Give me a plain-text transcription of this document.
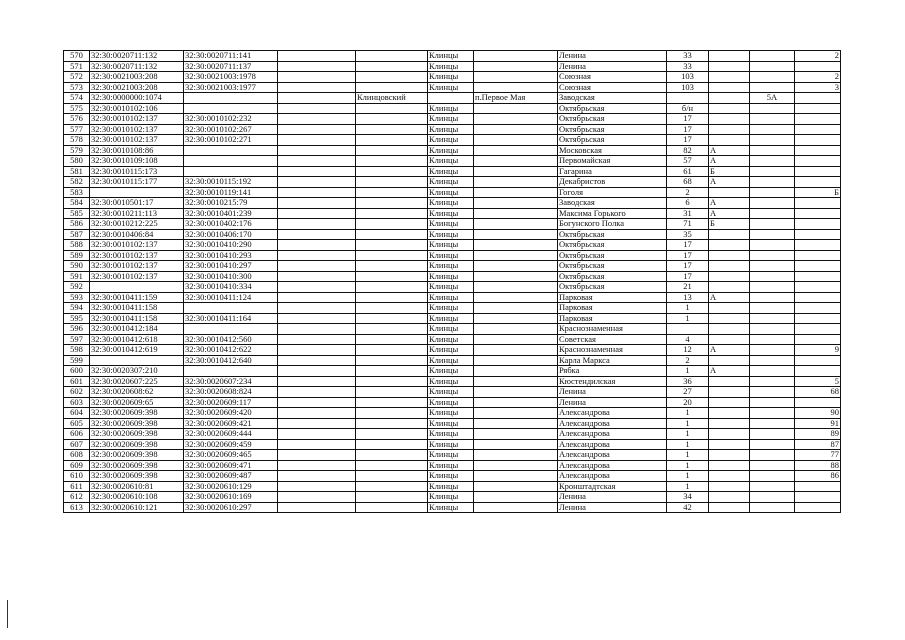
570	32:30:0020711:132	32:30:0020711:141			Клинцы		Ленина	33			2
571	32:30:0020711:132	32:30:0020711:137			Клинцы		Ленина	33			
572	32:30:0021003:208	32:30:0021003:1978			Клинцы		Союзная	103			2
573	32:30:0021003:208	32:30:0021003:1977			Клинцы		Союзная	103			3
574	32:30:0000000:1074			Клинцовский		п.Первое Мая	Заводская			5А	
575	32:30:0010102:106				Клинцы		Октябрьская	б/н			
576	32:30:0010102:137	32:30:0010102:232			Клинцы		Октябрьская	17			
577	32:30:0010102:137	32:30:0010102:267			Клинцы		Октябрьская	17			
578	32:30:0010102:137	32:30:0010102:271			Клинцы		Октябрьская	17			
579	32:30:0010108:86				Клинцы		Московская	82	А		
580	32:30:0010109:108				Клинцы		Первомайская	57	А		
581	32:30:0010115:173				Клинцы		Гагарина	61	Б		
582	32:30:0010115:177	32:30:0010115:192			Клинцы		Декабристов	68	А		
583		32:30:0010119:141			Клинцы		Гоголя	2			Б
584	32:30:0010501:17	32:30:0010215:79			Клинцы		Заводская	6	А		
585	32:30:0010211:113	32:30:0010401:239			Клинцы		Максима Горького	31	А		
586	32:30:0010212:225	32:30:0010402:176			Клинцы		Богунского Полка	71	Б		
587	32:30:0010406:84	32:30:0010406:170			Клинцы		Октябрьская	35			
588	32:30:0010102:137	32:30:0010410:290			Клинцы		Октябрьская	17			
589	32:30:0010102:137	32:30:0010410:293			Клинцы		Октябрьская	17			
590	32:30:0010102:137	32:30:0010410:297			Клинцы		Октябрьская	17			
591	32:30:0010102:137	32:30:0010410:300			Клинцы		Октябрьская	17			
592		32:30:0010410:334			Клинцы		Октябрьская	21			
593	32:30:0010411:159	32:30:0010411:124			Клинцы		Парковая	13	А		
594	32:30:0010411:158				Клинцы		Парковая	1			
595	32:30:0010411:158	32:30:0010411:164			Клинцы		Парковая	1			
596	32:30:0010412:184				Клинцы		Краснознаменная				
597	32:30:0010412:618	32:30:0010412:560			Клинцы		Советская	4			
598	32:30:0010412:619	32:30:0010412:622			Клинцы		Краснознаменная	12	А		9
599		32:30:0010412:640			Клинцы		Карла Маркса	2			
600	32:30:0020307:210				Клинцы		Рябка	1	А		
601	32:30:0020607:225	32:30:0020607:234			Клинцы		Кюстендилская	36			5
602	32:30:0020608:62	32:30:0020608:824			Клинцы		Ленина	27			68
603	32:30:0020609:65	32:30:0020609:117			Клинцы		Ленина	20			
604	32:30:0020609:398	32:30:0020609:420			Клинцы		Александрова	1			90
605	32:30:0020609:398	32:30:0020609:421			Клинцы		Александрова	1			91
606	32:30:0020609:398	32:30:0020609:444			Клинцы		Александрова	1			89
607	32:30:0020609:398	32:30:0020609:459			Клинцы		Александрова	1			87
608	32:30:0020609:398	32:30:0020609:465			Клинцы		Александрова	1			77
609	32:30:0020609:398	32:30:0020609:471			Клинцы		Александрова	1			88
610	32:30:0020609:398	32:30:0020609:487			Клинцы		Александрова	1			86
611	32:30:0020610:81	32:30:0020610:129			Клинцы		Кронштадтская	1			
612	32:30:0020610:108	32:30:0020610:169			Клинцы		Ленина	34			
613	32:30:0020610:121	32:30:0020610:297			Клинцы		Ленина	42			
